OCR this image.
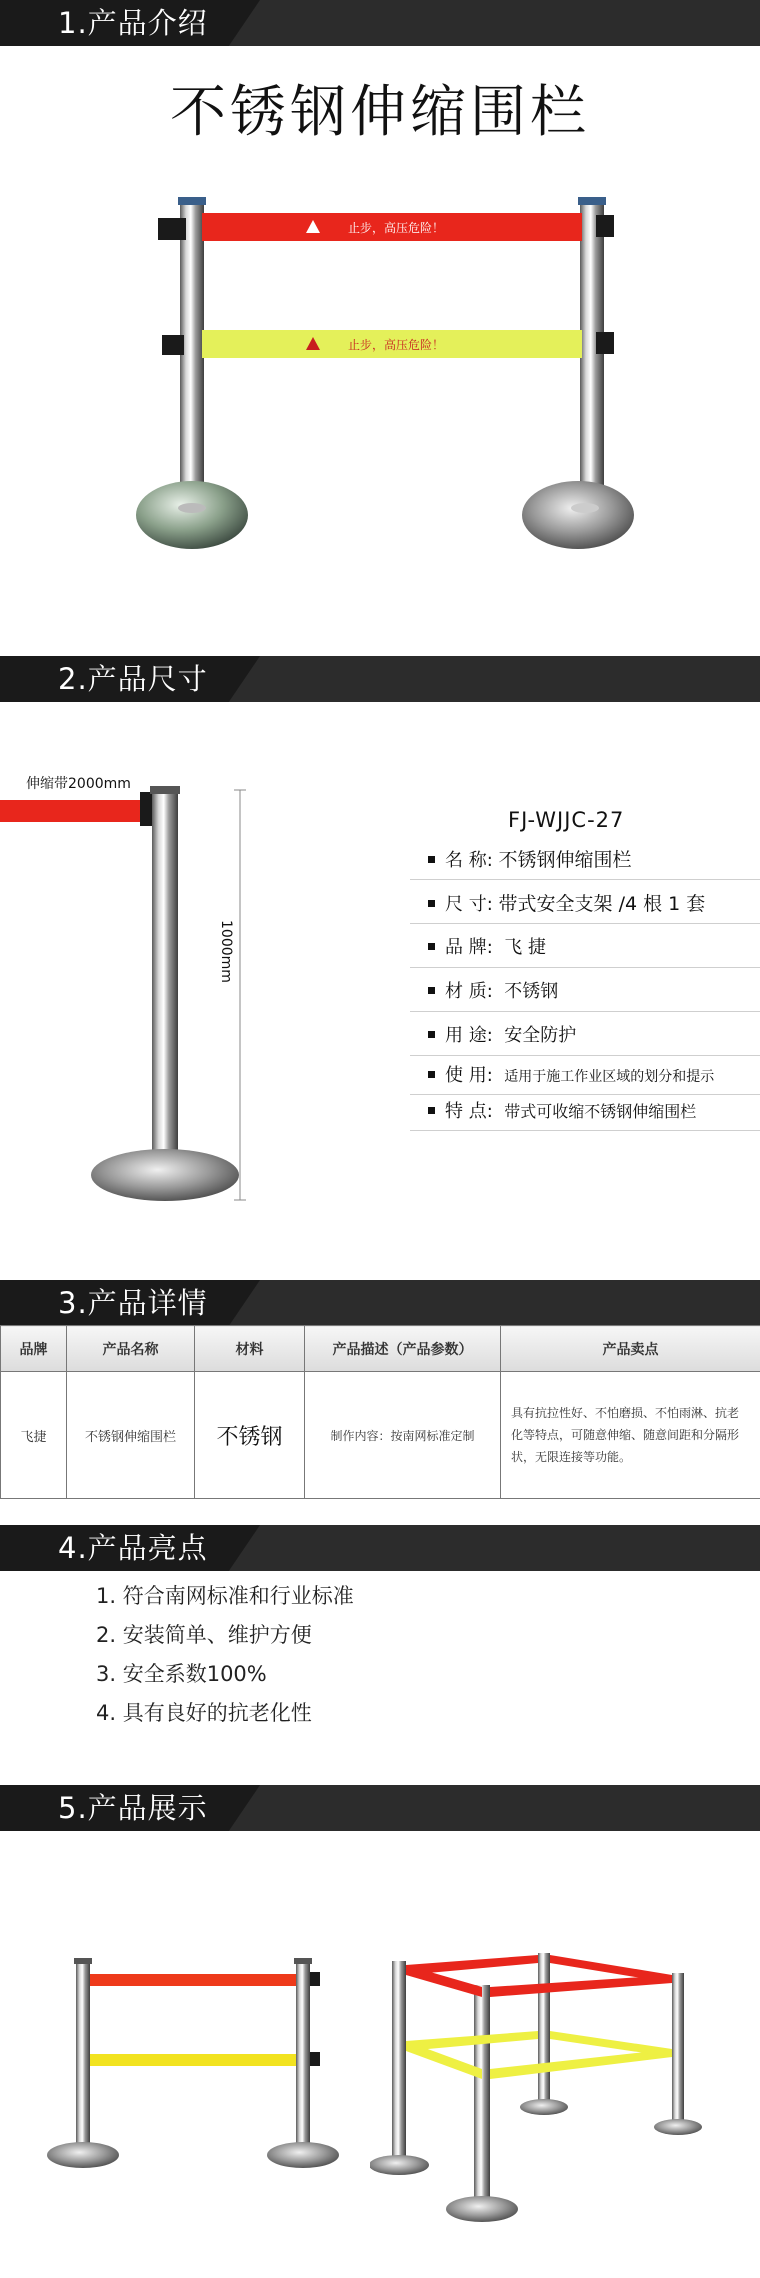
1.产品介绍
不锈钢伸缩围栏
止步，高压危险！
止步，高压危险！
2.产品尺寸
伸缩带2000mm
1000mm
FJ-WJJC-27
名 称: 不锈钢伸缩围栏
尺 寸: 带式安全支架 /4 根 1 套
品 牌: 飞 捷
材 质: 不锈钢
用 途: 安全防护
使 用: 适用于施工作业区域的划分和提示
特 点: 带式可收缩不锈钢伸缩围栏
3.产品详情
品牌	产品名称	材料	产品描述（产品参数）	产品卖点
飞捷	不锈钢伸缩围栏	不锈钢	制作内容：按南网标准定制	具有抗拉性好、不怕磨损、不怕雨淋、抗老化等特点，可随意伸缩、随意间距和分隔形状，无限连接等功能。
4.产品亮点
1. 符合南网标准和行业标准
2. 安装简单、维护方便
3. 安全系数100%
4. 具有良好的抗老化性
5.产品展示
